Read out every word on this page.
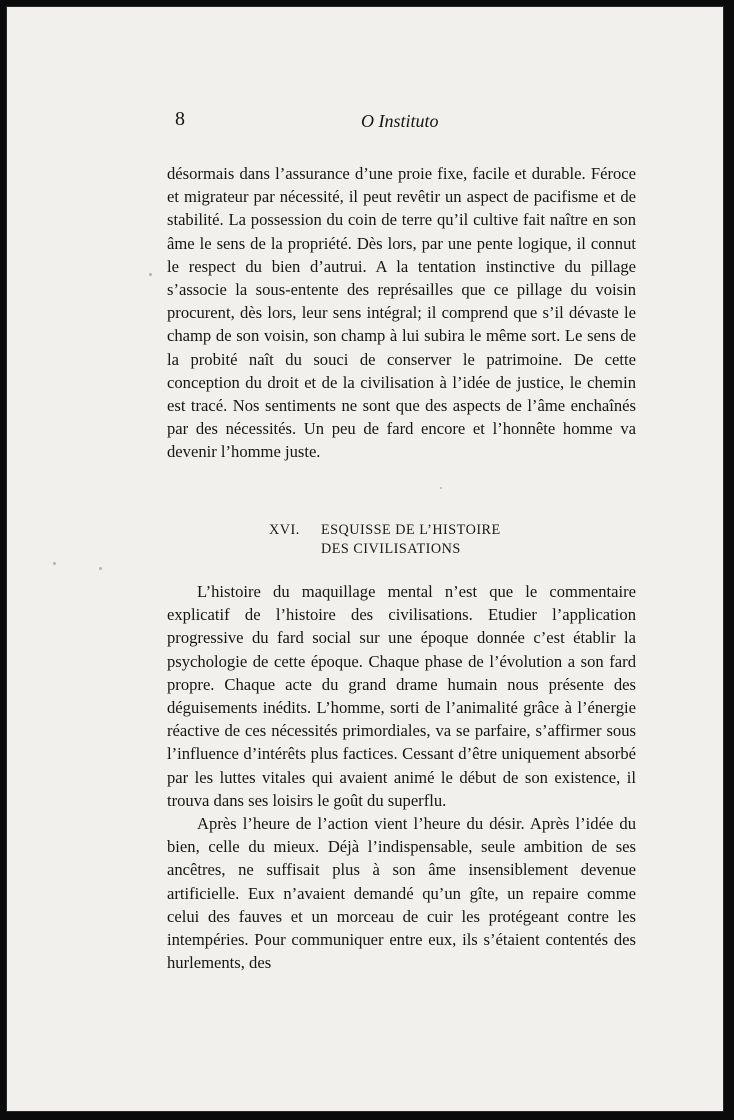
8	O Instituto

désormais dans l’assurance d’une proie fixe, facile et durable. Féroce et migrateur par nécessité, il peut revêtir un aspect de pacifisme et de stabilité. La possession du coin de terre qu’il cultive fait naître en son âme le sens de la propriété. Dès lors, par une pente logique, il connut le respect du bien d’autrui. A la tentation instinctive du pillage s’associe la sous-entente des représailles que ce pillage du voisin procurent, dès lors, leur sens intégral; il comprend que s’il dévaste le champ de son voisin, son champ à lui subira le même sort. Le sens de la probité naît du souci de conserver le patrimoine. De cette conception du droit et de la civilisation à l’idée de justice, le chemin est tracé. Nos sentiments ne sont que des aspects de l’âme enchaînés par des nécessités. Un peu de fard encore et l’honnête homme va devenir l’homme juste.

XVI.	ESQUISSE DE L’HISTOIRE
DES CIVILISATIONS

L’histoire du maquillage mental n’est que le commentaire explicatif de l’histoire des civilisations. Etudier l’application progressive du fard social sur une époque donnée c’est établir la psychologie de cette époque. Chaque phase de l’évolution a son fard propre. Chaque acte du grand drame humain nous présente des déguisements inédits. L’homme, sorti de l’animalité grâce à l’énergie réactive de ces nécessités primordiales, va se parfaire, s’affirmer sous l’influence d’intérêts plus factices. Cessant d’être uniquement absorbé par les luttes vitales qui avaient animé le début de son existence, il trouva dans ses loisirs le goût du superflu.

Après l’heure de l’action vient l’heure du désir. Après l’idée du bien, celle du mieux. Déjà l’indispensable, seule ambition de ses ancêtres, ne suffisait plus à son âme insensiblement devenue artificielle. Eux n’avaient demandé qu’un gîte, un repaire comme celui des fauves et un morceau de cuir les protégeant contre les intempéries. Pour communiquer entre eux, ils s’étaient contentés des hurlements, des
